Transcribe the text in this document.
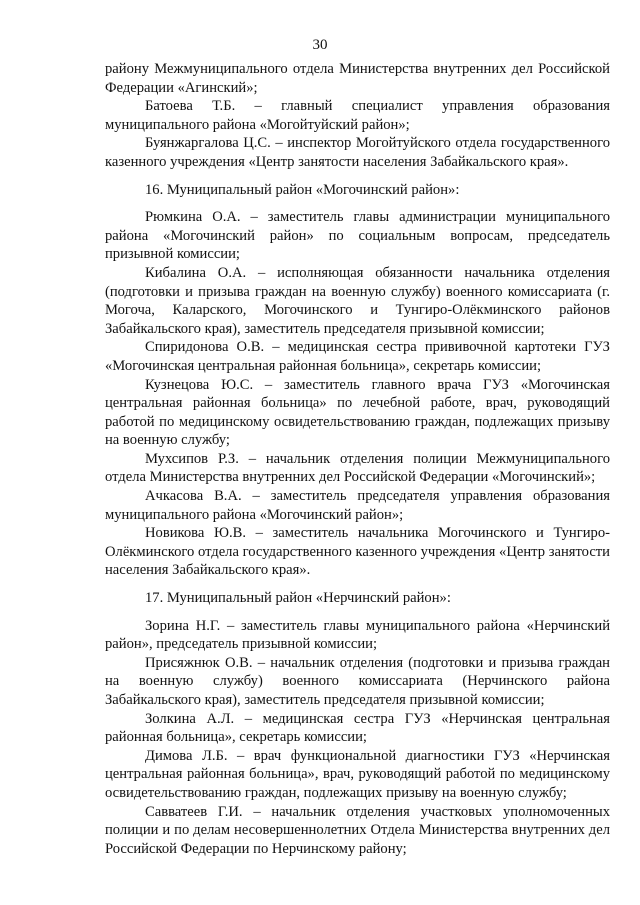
30

району Межмуниципального отдела Министерства внутренних дел Российской Федерации «Агинский»;

Батоева Т.Б. – главный специалист управления образования муниципального района «Могойтуйский район»;

Буянжаргалова Ц.С. – инспектор Могойтуйского отдела государственного казенного учреждения «Центр занятости населения Забайкальского края».

16. Муниципальный район «Могочинский район»:

Рюмкина О.А. – заместитель главы администрации муниципального района «Могочинский район» по социальным вопросам, председатель призывной комиссии;

Кибалина О.А. – исполняющая обязанности начальника отделения (подготовки и призыва граждан на военную службу) военного комиссариата (г. Могоча, Каларского, Могочинского и Тунгиро-Олёкминского районов Забайкальского края), заместитель председателя призывной комиссии;

Спиридонова О.В. – медицинская сестра прививочной картотеки ГУЗ «Могочинская центральная районная больница», секретарь комиссии;

Кузнецова Ю.С. – заместитель главного врача ГУЗ «Могочинская центральная районная больница» по лечебной работе, врач, руководящий работой по медицинскому освидетельствованию граждан, подлежащих призыву на военную службу;

Мухсипов Р.З. – начальник отделения полиции Межмуниципального отдела Министерства внутренних дел Российской Федерации «Могочинский»;

Ачкасова В.А. – заместитель председателя управления образования муниципального района «Могочинский район»;

Новикова Ю.В. – заместитель начальника Могочинского и Тунгиро-Олёкминского отдела государственного казенного учреждения «Центр занятости населения Забайкальского края».

17. Муниципальный район «Нерчинский район»:

Зорина Н.Г. – заместитель главы муниципального района «Нерчинский район», председатель призывной комиссии;

Присяжнюк О.В. – начальник отделения (подготовки и призыва граждан на военную службу) военного комиссариата (Нерчинского района Забайкальского края), заместитель председателя призывной комиссии;

Золкина А.Л. – медицинская сестра ГУЗ «Нерчинская центральная районная больница», секретарь комиссии;

Димова Л.Б. – врач функциональной диагностики ГУЗ «Нерчинская центральная районная больница», врач, руководящий работой по медицинскому освидетельствованию граждан, подлежащих призыву на военную службу;

Савватеев Г.И. – начальник отделения участковых уполномоченных полиции и по делам несовершеннолетних Отдела Министерства внутренних дел Российской Федерации по Нерчинскому району;
